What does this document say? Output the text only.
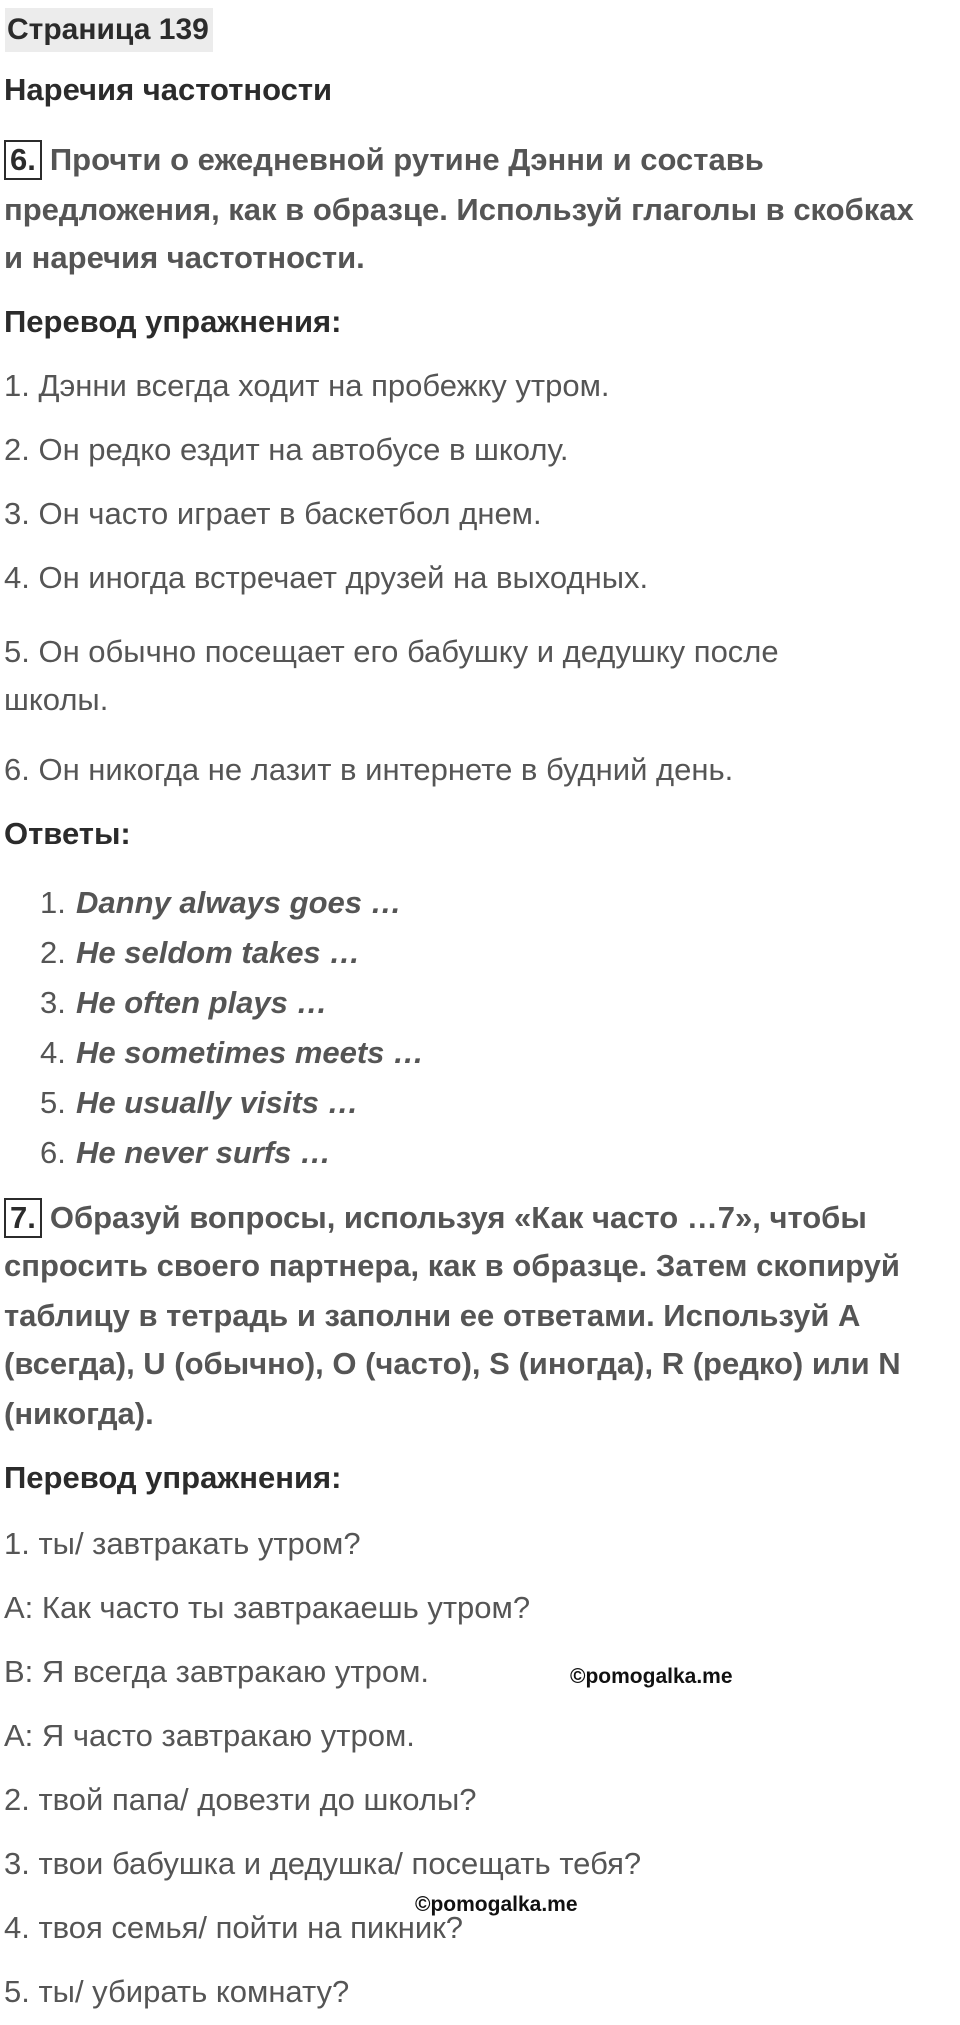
Страница 139
Наречия частотности
6. Прочти о ежедневной рутине Дэнни и составь
предложения, как в образце. Используй глаголы в скобках
и наречия частотности.
Перевод упражнения:
1. Дэнни всегда ходит на пробежку утром.
2. Он редко ездит на автобусе в школу.
3. Он часто играет в баскетбол днем.
4. Он иногда встречает друзей на выходных.
5. Он обычно посещает его бабушку и дедушку после
школы.
6. Он никогда не лазит в интернете в будний день.
Ответы:
1. Danny always goes …
2. He seldom takes …
3. He often plays …
4. He sometimes meets …
5. He usually visits …
6. He never surfs …
7. Образуй вопросы, используя «Как часто …7», чтобы
спросить своего партнера, как в образце. Затем скопируй
таблицу в тетрадь и заполни ее ответами. Используй A
(всегда), U (обычно), O (часто), S (иногда), R (редко) или N
(никогда).
Перевод упражнения:
1. ты/ завтракать утром?
A: Как часто ты завтракаешь утром?
B: Я всегда завтракаю утром.
A: Я часто завтракаю утром.
2. твой папа/ довезти до школы?
3. твои бабушка и дедушка/ посещать тебя?
4. твоя семья/ пойти на пикник?
5. ты/ убирать комнату?
©pomogalka.me
©pomogalka.me
